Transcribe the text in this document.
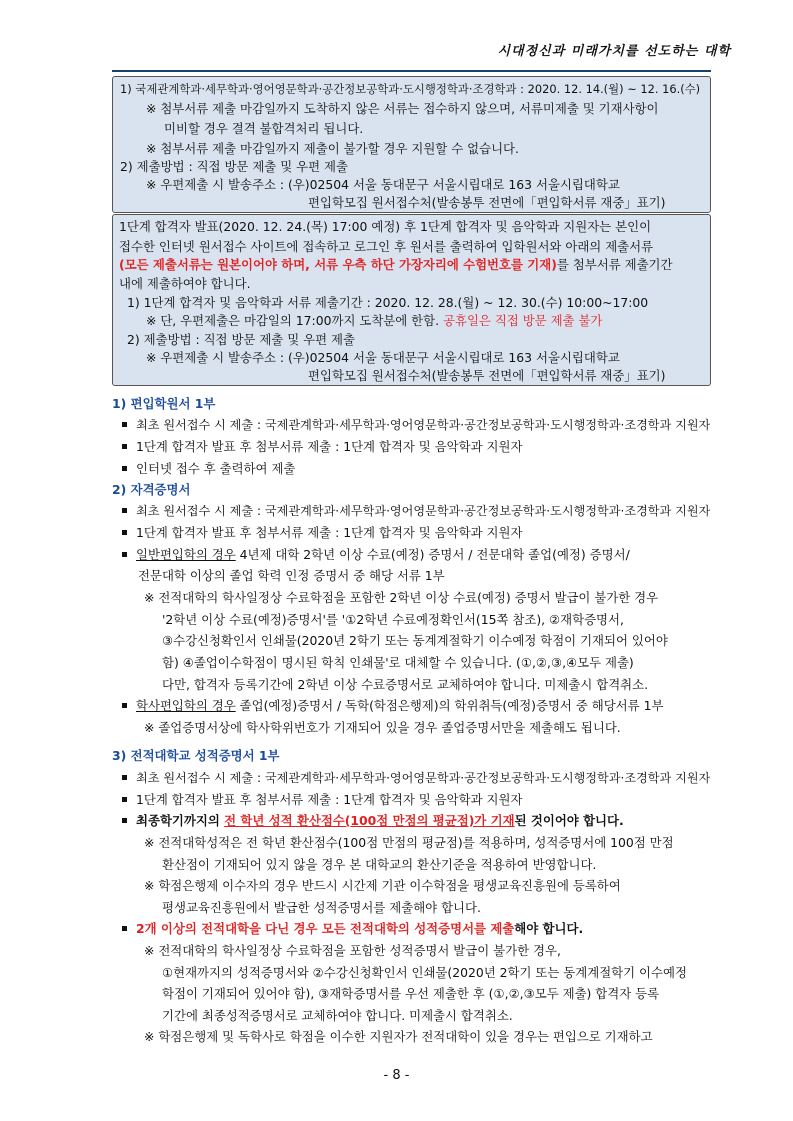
시대정신과 미래가치를 선도하는 대학
1) 국제관계학과·세무학과·영어영문학과·공간정보공학과·도시행정학과·조경학과 : 2020. 12. 14.(월) ~ 12. 16.(수)
※ 첨부서류 제출 마감일까지 도착하지 않은 서류는 접수하지 않으며, 서류미제출 및 기재사항이
미비할 경우 결격 불합격처리 됩니다.
※ 첨부서류 제출 마감일까지 제출이 불가할 경우 지원할 수 없습니다.
2) 제출방법 : 직접 방문 제출 및 우편 제출
※ 우편제출 시 발송주소 : (우)02504 서울 동대문구 서울시립대로 163 서울시립대학교
편입학모집 원서접수처(발송봉투 전면에「편입학서류 재중」표기)
1단계 합격자 발표(2020. 12. 24.(목) 17:00 예정) 후 1단계 합격자 및 음악학과 지원자는 본인이
접수한 인터넷 원서접수 사이트에 접속하고 로그인 후 원서를 출력하여 입학원서와 아래의 제출서류
(모든 제출서류는 원본이어야 하며, 서류 우측 하단 가장자리에 수험번호를 기재)를 첨부서류 제출기간
내에 제출하여야 합니다.
1) 1단계 합격자 및 음악학과 서류 제출기간 : 2020. 12. 28.(월) ~ 12. 30.(수) 10:00~17:00
※ 단, 우편제출은 마감일의 17:00까지 도착분에 한함. 공휴일은 직접 방문 제출 불가
2) 제출방법 : 직접 방문 제출 및 우편 제출
※ 우편제출 시 발송주소 : (우)02504 서울 동대문구 서울시립대로 163 서울시립대학교
편입학모집 원서접수처(발송봉투 전면에「편입학서류 재중」표기)
1) 편입학원서 1부
최초 원서접수 시 제출 : 국제관계학과·세무학과·영어영문학과·공간정보공학과·도시행정학과·조경학과 지원자
1단계 합격자 발표 후 첨부서류 제출 : 1단계 합격자 및 음악학과 지원자
인터넷 접수 후 출력하여 제출
2) 자격증명서
최초 원서접수 시 제출 : 국제관계학과·세무학과·영어영문학과·공간정보공학과·도시행정학과·조경학과 지원자
1단계 합격자 발표 후 첨부서류 제출 : 1단계 합격자 및 음악학과 지원자
일반편입학의 경우 4년제 대학 2학년 이상 수료(예정) 증명서 / 전문대학 졸업(예정) 증명서/
전문대학 이상의 졸업 학력 인정 증명서 중 해당 서류 1부
※ 전적대학의 학사일정상 수료학점을 포함한 2학년 이상 수료(예정) 증명서 발급이 불가한 경우
'2학년 이상 수료(예정)증명서'를 '①2학년 수료예정확인서(15쪽 참조), ②재학증명서,
③수강신청확인서 인쇄물(2020년 2학기 또는 동계계절학기 이수예정 학점이 기재되어 있어야
함) ④졸업이수학점이 명시된 학칙 인쇄물'로 대체할 수 있습니다. (①,②,③,④모두 제출)
다만, 합격자 등록기간에 2학년 이상 수료증명서로 교체하여야 합니다. 미제출시 합격취소.
학사편입학의 경우 졸업(예정)증명서 / 독학(학점은행제)의 학위취득(예정)증명서 중 해당서류 1부
※ 졸업증명서상에 학사학위번호가 기재되어 있을 경우 졸업증명서만을 제출해도 됩니다.
3) 전적대학교 성적증명서 1부
최초 원서접수 시 제출 : 국제관계학과·세무학과·영어영문학과·공간정보공학과·도시행정학과·조경학과 지원자
1단계 합격자 발표 후 첨부서류 제출 : 1단계 합격자 및 음악학과 지원자
최종학기까지의 전 학년 성적 환산점수(100점 만점의 평균점)가 기재된 것이어야 합니다.
※ 전적대학성적은 전 학년 환산점수(100점 만점의 평균점)를 적용하며, 성적증명서에 100점 만점
환산점이 기재되어 있지 않을 경우 본 대학교의 환산기준을 적용하여 반영합니다.
※ 학점은행제 이수자의 경우 반드시 시간제 기관 이수학점을 평생교육진흥원에 등록하여
평생교육진흥원에서 발급한 성적증명서를 제출해야 합니다.
2개 이상의 전적대학을 다닌 경우 모든 전적대학의 성적증명서를 제출해야 합니다.
※ 전적대학의 학사일정상 수료학점을 포함한 성적증명서 발급이 불가한 경우,
①현재까지의 성적증명서와 ②수강신청확인서 인쇄물(2020년 2학기 또는 동계계절학기 이수예정
학점이 기재되어 있어야 함), ③재학증명서를 우선 제출한 후 (①,②,③모두 제출) 합격자 등록
기간에 최종성적증명서로 교체하여야 합니다. 미제출시 합격취소.
※ 학점은행제 및 독학사로 학점을 이수한 지원자가 전적대학이 있을 경우는 편입으로 기재하고
- 8 -
